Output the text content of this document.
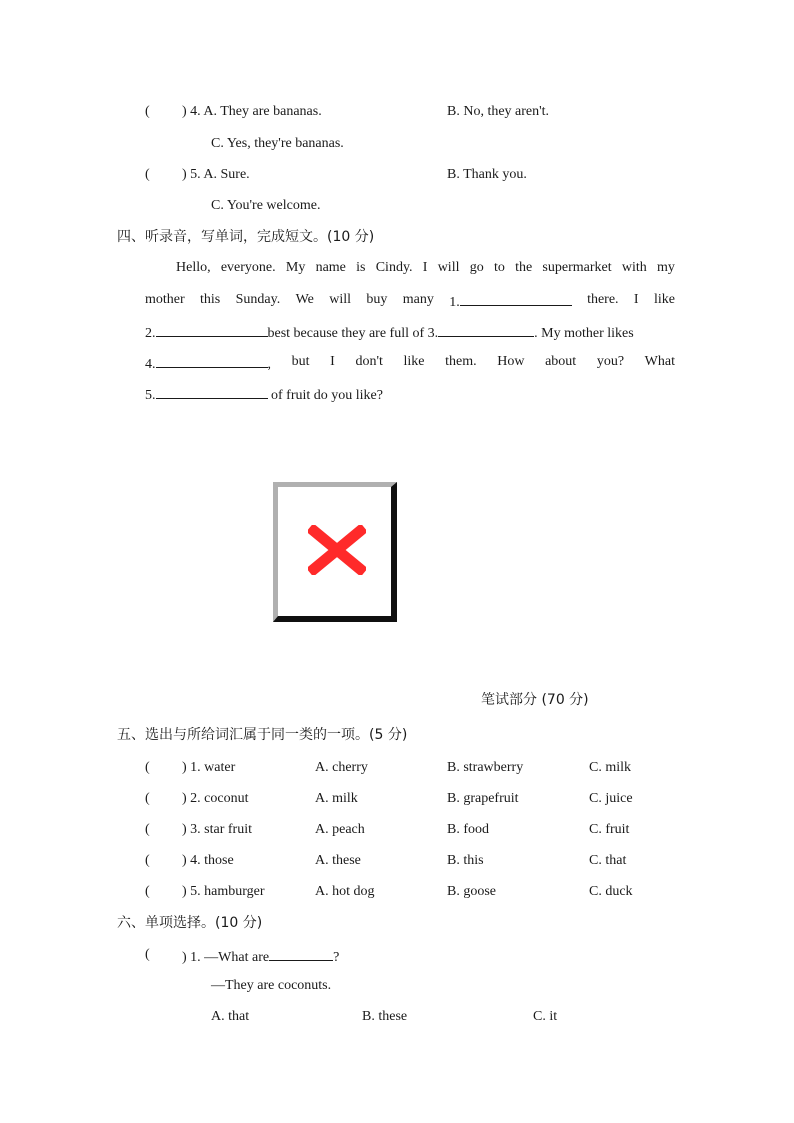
( ) 4. A. They are bananas.	B. No, they aren't.
C. Yes, they're bananas.
( ) 5. A. Sure.	B. Thank you.
C. You're welcome.
四、听录音，写单词，完成短文。(10 分)
Hello, everyone. My name is Cindy. I will go to the supermarket with my
mother this Sunday. We will buy many 1.	there. I like
2.	best because they are full of 3.	. My mother likes
4.	, but I don't like them. How about you? What
5.	of fruit do you like?
笔试部分 (70 分)
五、选出与所给词汇属于同一类的一项。(5 分)
( ) 1. water	A. cherry	B. strawberry	C. milk
( ) 2. coconut	A. milk	B. grapefruit	C. juice
( ) 3. star fruit	A. peach	B. food	C. fruit
( ) 4. those	A. these	B. this	C. that
( ) 5. hamburger	A. hot dog	B. goose	C. duck
六、单项选择。(10 分)
( ) 1. —What are	?
—They are coconuts.
A. that	B. these	C. it
